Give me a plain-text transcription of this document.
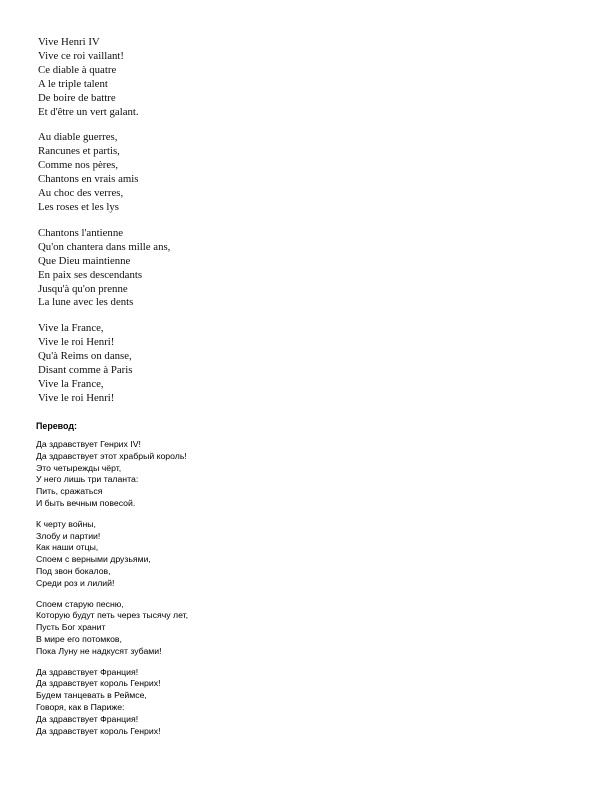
Vive Henri IV
Vive ce roi vaillant!
Ce diable à quatre
A le triple talent
De boire de battre
Et d'être un vert galant.
Au diable guerres,
Rancunes et partis,
Comme nos pères,
Chantons en vrais amis
Au choc des verres,
Les roses et les lys
Chantons l'antienne
Qu'on chantera dans mille ans,
Que Dieu maintienne
En paix ses descendants
Jusqu'à qu'on prenne
La lune avec les dents
Vive la France,
Vive le roi Henri!
Qu'à Reims on danse,
Disant comme à Paris
Vive la France,
Vive le roi Henri!
Перевод:
Да здравствует Генрих IV!
Да здравствует этот храбрый король!
Это четырежды чёрт,
У него лишь три таланта:
Пить, сражаться
И быть вечным повесой.
К черту войны,
Злобу и партии!
Как наши отцы,
Споем с верными друзьями,
Под звон бокалов,
Среди роз и лилий!
Споем старую песню,
Которую будут петь через тысячу лет,
Пусть Бог хранит
В мире его потомков,
Пока Луну не надкусят зубами!
Да здравствует Франция!
Да здравствует король Генрих!
Будем танцевать в Реймсе,
Говоря, как в Париже:
Да здравствует Франция!
Да здравствует король Генрих!
